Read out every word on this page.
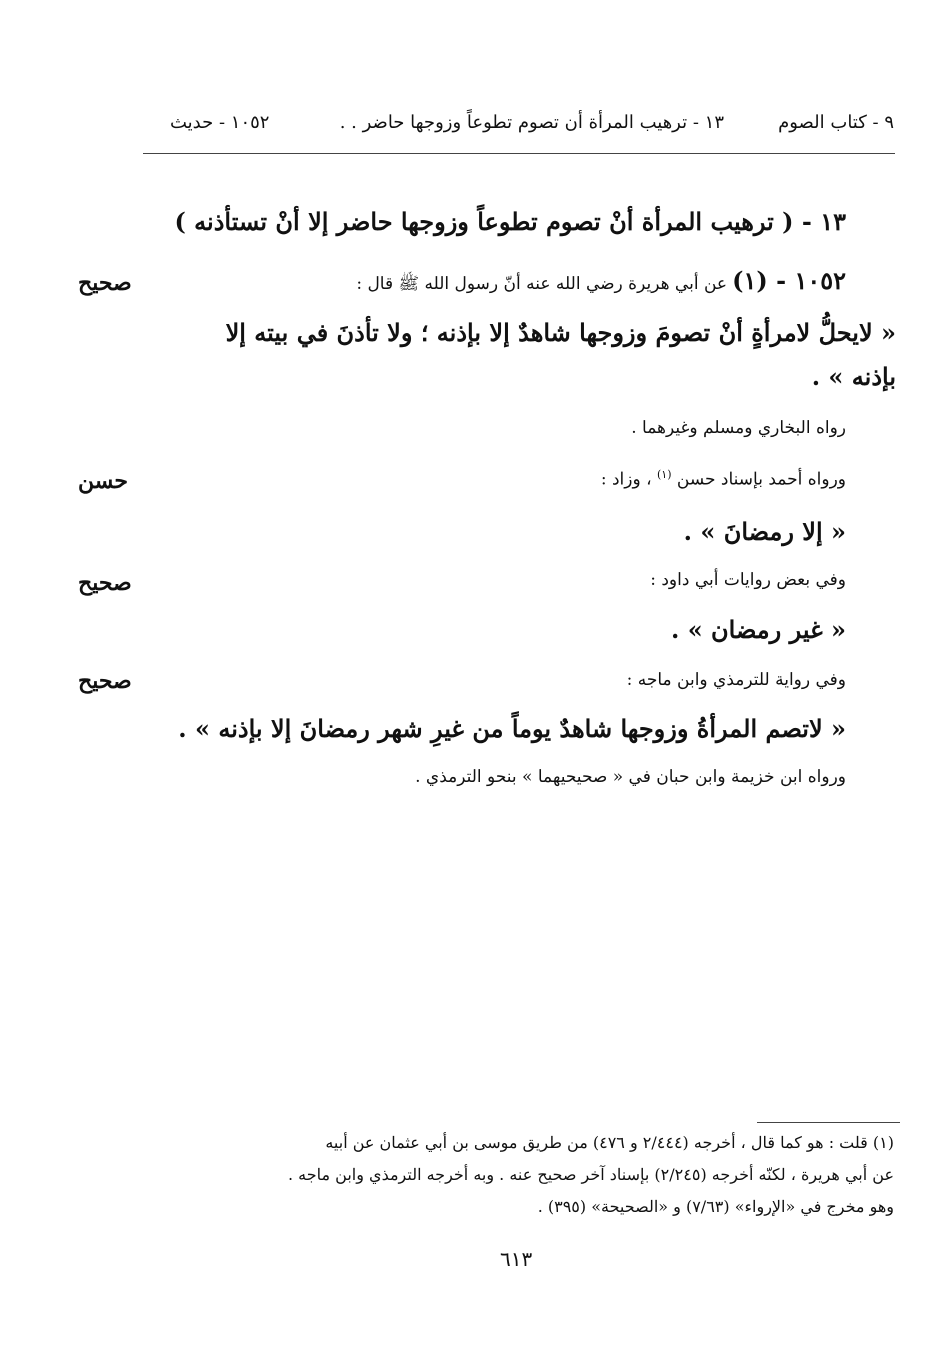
٩ - كتاب الصوم
١٣ - ترهيب المرأة أن تصوم تطوعاً وزوجها حاضر . .
١٠٥٢ - حديث
١٣ - ( ترهيب المرأة أنْ تصوم تطوعاً وزوجها حاضر إلا أنْ تستأذنه )
١٠٥٢ - (١) عن أبي هريرة رضي الله عنه أنّ رسول الله ﷺ قال :
صحيح
« لايحلُّ لامرأةٍ أنْ تصومَ وزوجها شاهدٌ إلا بإذنه ؛ ولا تأذنَ في بيته إلا
بإذنه » .
رواه البخاري ومسلم وغيرهما .
ورواه أحمد بإسناد حسن $^{(١)}$ ، وزاد :
حسن
« إلا رمضانَ » .
وفي بعض روايات أبي داود :
صحيح
« غير رمضان » .
وفي رواية للترمذي وابن ماجه :
صحيح
« لاتصم المرأةُ وزوجها شاهدٌ يوماً من غيرِ شهر رمضانَ إلا بإذنه » .
ورواه ابن خزيمة وابن حبان في « صحيحيهما » بنحو الترمذي .
(١) قلت : هو كما قال ، أخرجه (٢/٤٤٤ و ٤٧٦) من طريق موسى بن أبي عثمان عن أبيه
عن أبي هريرة ، لكنّه أخرجه (٢/٢٤٥) بإسناد آخر صحيح عنه . وبه أخرجه الترمذي وابن ماجه .
وهو مخرج في «الإرواء» (٧/٦٣) و «الصحيحة» (٣٩٥) .
٦١٣
